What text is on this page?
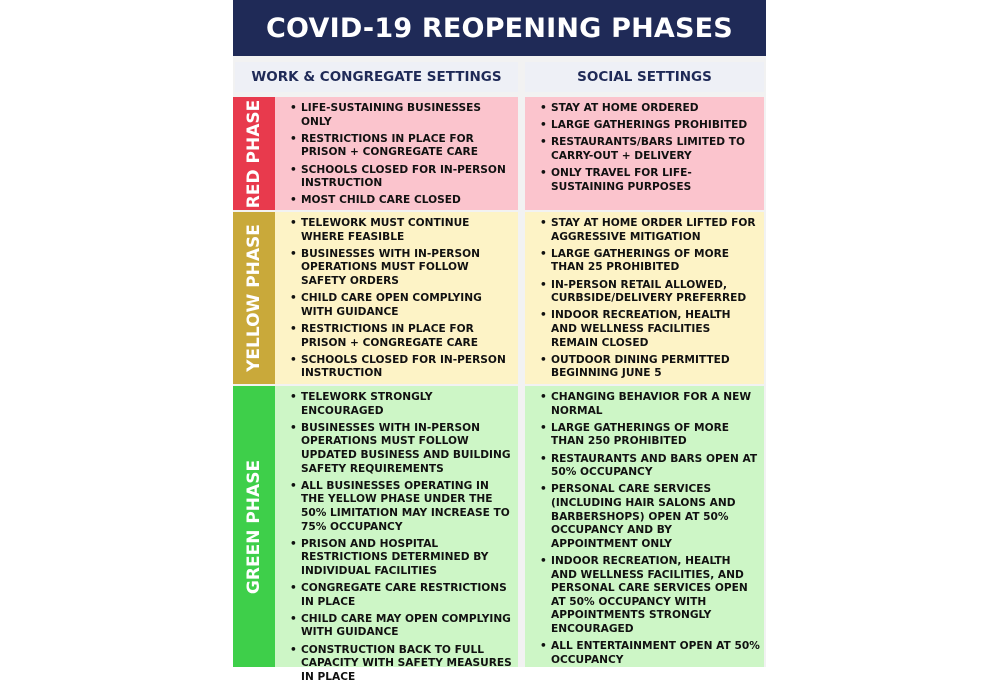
COVID-19 REOPENING PHASES
WORK & CONGREGATE SETTINGS	SOCIAL SETTINGS
RED PHASE
•	LIFE-SUSTAINING BUSINESSES ONLY
• RESTRICTIONS IN PLACE FOR PRISON + CONGREGATE CARE
• SCHOOLS CLOSED FOR IN-PERSON INSTRUCTION
• MOST CHILD CARE CLOSED
• STAY AT HOME ORDERED
• LARGE GATHERINGS PROHIBITED
• RESTAURANTS/BARS LIMITED TO CARRY-OUT + DELIVERY
• ONLY TRAVEL FOR LIFE-SUSTAINING PURPOSES
YELLOW PHASE
• TELEWORK MUST CONTINUE WHERE FEASIBLE
• BUSINESSES WITH IN-PERSON OPERATIONS MUST FOLLOW SAFETY ORDERS
• CHILD CARE OPEN COMPLYING WITH GUIDANCE
• RESTRICTIONS IN PLACE FOR PRISON + CONGREGATE CARE
• SCHOOLS CLOSED FOR IN-PERSON INSTRUCTION
• STAY AT HOME ORDER LIFTED FOR AGGRESSIVE MITIGATION
• LARGE GATHERINGS OF MORE THAN 25 PROHIBITED
• IN-PERSON RETAIL ALLOWED, CURBSIDE/DELIVERY PREFERRED
• INDOOR RECREATION, HEALTH AND WELLNESS FACILITIES REMAIN CLOSED
• OUTDOOR DINING PERMITTED BEGINNING JUNE 5
GREEN PHASE
• TELEWORK STRONGLY ENCOURAGED
• BUSINESSES WITH IN-PERSON OPERATIONS MUST FOLLOW UPDATED BUSINESS AND BUILDING SAFETY REQUIREMENTS
• ALL BUSINESSES OPERATING IN THE YELLOW PHASE UNDER THE 50% LIMITATION MAY INCREASE TO 75% OCCUPANCY
• PRISON AND HOSPITAL RESTRICTIONS DETERMINED BY INDIVIDUAL FACILITIES
• CONGREGATE CARE RESTRICTIONS IN PLACE
• CHILD CARE MAY OPEN COMPLYING WITH GUIDANCE
• CONSTRUCTION BACK TO FULL CAPACITY WITH SAFETY MEASURES IN PLACE
• CHANGING BEHAVIOR FOR A NEW NORMAL
• LARGE GATHERINGS OF MORE THAN 250 PROHIBITED
• RESTAURANTS AND BARS OPEN AT 50% OCCUPANCY
• PERSONAL CARE SERVICES (INCLUDING HAIR SALONS AND BARBERSHOPS) OPEN AT 50% OCCUPANCY AND BY APPOINTMENT ONLY
• INDOOR RECREATION, HEALTH AND WELLNESS FACILITIES, AND PERSONAL CARE SERVICES OPEN AT 50% OCCUPANCY WITH APPOINTMENTS STRONGLY ENCOURAGED
• ALL ENTERTAINMENT OPEN AT 50% OCCUPANCY
